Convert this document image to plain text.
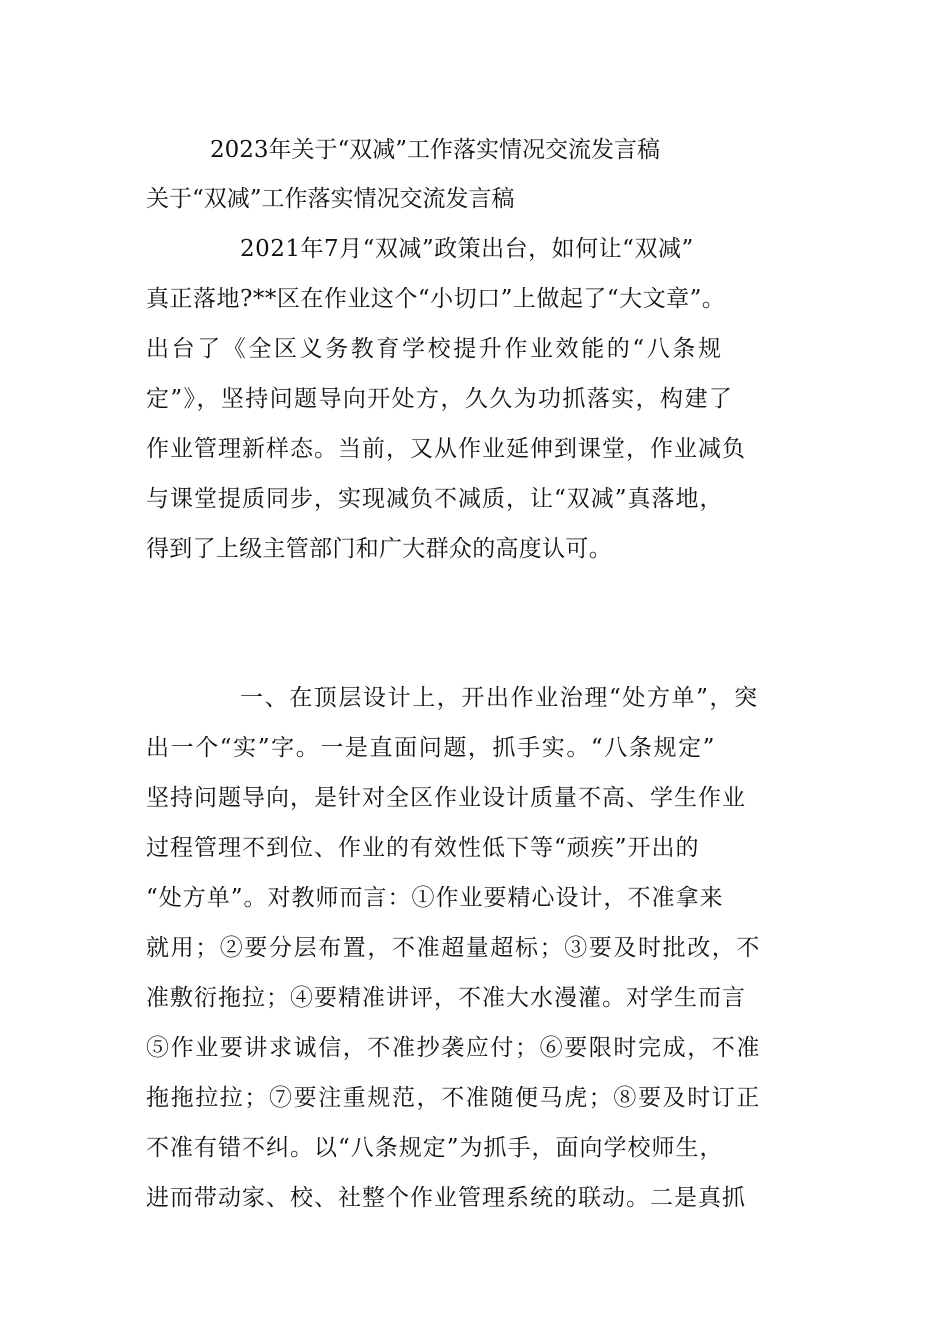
2023年关于“双减”工作落实情况交流发言稿
关于“双减”工作落实情况交流发言稿
2021年7月“双减”政策出台，如何让“双减”
真正落地?**区在作业这个“小切口”上做起了“大文章”。
出台了《全区义务教育学校提升作业效能的“八条规
定”》，坚持问题导向开处方，久久为功抓落实，构建了
作业管理新样态。当前，又从作业延伸到课堂，作业减负
与课堂提质同步，实现减负不减质，让“双减”真落地，
得到了上级主管部门和广大群众的高度认可。
一、在顶层设计上，开出作业治理“处方单”，突
出一个“实”字。一是直面问题，抓手实。“八条规定”
坚持问题导向，是针对全区作业设计质量不高、学生作业
过程管理不到位、作业的有效性低下等“顽疾”开出的
“处方单”。对教师而言：①作业要精心设计，不准拿来
就用；②要分层布置，不准超量超标；③要及时批改，不
准敷衍拖拉；④要精准讲评，不准大水漫灌。对学生而言
⑤作业要讲求诚信，不准抄袭应付；⑥要限时完成，不准
拖拖拉拉；⑦要注重规范，不准随便马虎；⑧要及时订正
不准有错不纠。以“八条规定”为抓手，面向学校师生，
进而带动家、校、社整个作业管理系统的联动。二是真抓
